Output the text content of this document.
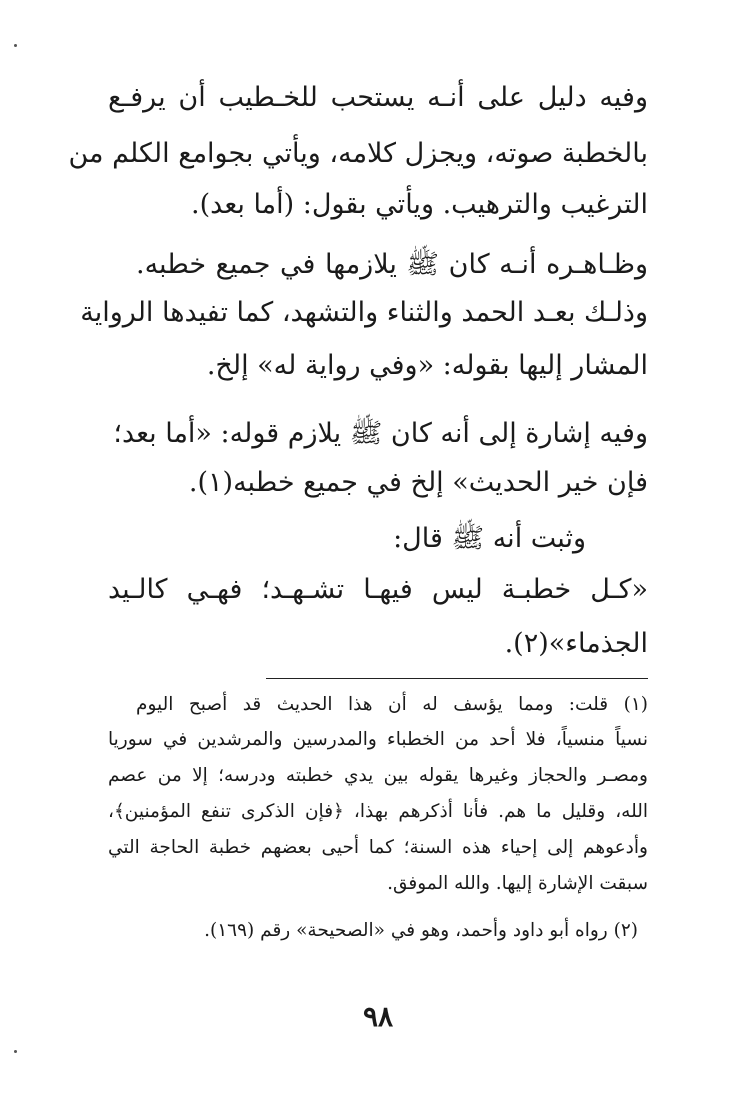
وفيه دليل على أنـه يستحب للخـطيب أن يرفـع
بالخطبة صوته، ويجزل كلامه، ويأتي بجوامع الكلم من
الترغيب والترهيب. ويأتي بقول: (أما بعد).
وظـاهـره أنـه كان ﷺ يلازمها في جميع خطبه.
وذلـك بعـد الحمد والثناء والتشهد، كما تفيدها الرواية
المشار إليها بقوله: «وفي رواية له» إلخ.
وفيه إشارة إلى أنه كان ﷺ يلازم قوله: «أما بعد؛
فإن خير الحديث» إلخ في جميع خطبه(١).
وثبت أنه ﷺ قال:
«كـل خطبـة ليس فيهـا تشـهـد؛ فهـي كالـيد
الجذماء»(٢).
(١) قلت: ومما يؤسف له أن هذا الحديث قد أصبح اليوم
نسياً منسياً، فلا أحد من الخطباء والمدرسين والمرشدين في سوريا
ومصـر والحجاز وغيرها يقوله بين يدي خطبته ودرسه؛ إلا من عصم
الله، وقليل ما هم. فأنا أذكرهم بهذا، ﴿فإن الذكرى تنفع المؤمنين﴾،
وأدعوهم إلى إحياء هذه السنة؛ كما أحيى بعضهم خطبة الحاجة التي
سبقت الإشارة إليها. والله الموفق.
(٢) رواه أبو داود وأحمد، وهو في «الصحيحة» رقم (١٦٩).
٩٨
